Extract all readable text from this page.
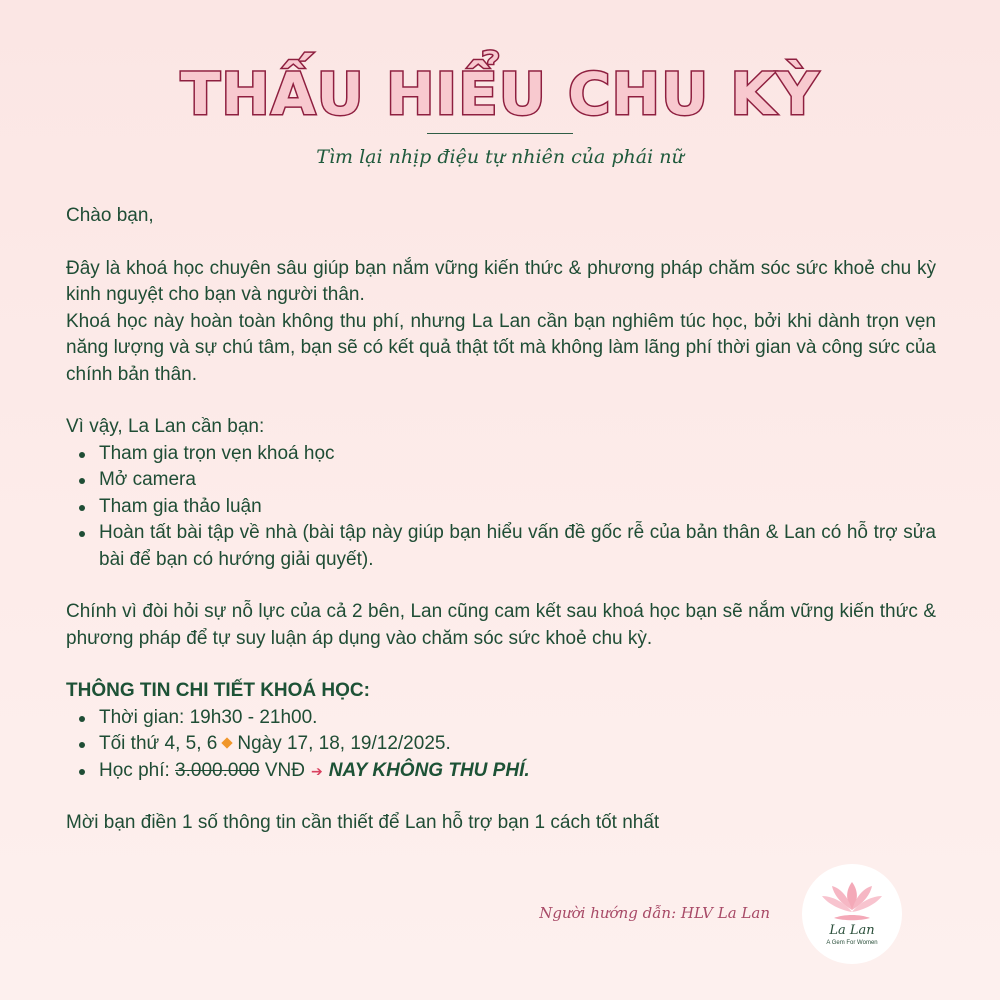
THẤU HIỂU CHU KỲ

Tìm lại nhịp điệu tự nhiên của phái nữ

Chào bạn,

Đây là khoá học chuyên sâu giúp bạn nắm vững kiến thức & phương pháp chăm sóc sức khoẻ chu kỳ kinh nguyệt cho bạn và người thân.

Khoá học này hoàn toàn không thu phí, nhưng La Lan cần bạn nghiêm túc học, bởi khi dành trọn vẹn năng lượng và sự chú tâm, bạn sẽ có kết quả thật tốt mà không làm lãng phí thời gian và công sức của chính bản thân.

Vì vậy, La Lan cần bạn:

Tham gia trọn vẹn khoá học
Mở camera
Tham gia thảo luận
Hoàn tất bài tập về nhà (bài tập này giúp bạn hiểu vấn đề gốc rễ của bản thân & Lan có hỗ trợ sửa bài để bạn có hướng giải quyết).

Chính vì đòi hỏi sự nỗ lực của cả 2 bên, Lan cũng cam kết sau khoá học bạn sẽ nắm vững kiến thức & phương pháp để tự suy luận áp dụng vào chăm sóc sức khoẻ chu kỳ.

THÔNG TIN CHI TIẾT KHOÁ HỌC:

Thời gian: 19h30 - 21h00.
Tối thứ 4, 5, 6 Ngày 17, 18, 19/12/2025.
Học phí: 3.000.000 VNĐ ➔ NAY KHÔNG THU PHÍ.

Mời bạn điền 1 số thông tin cần thiết để Lan hỗ trợ bạn 1 cách tốt nhất

Người hướng dẫn: HLV La Lan
La Lan
A Gem For Women
